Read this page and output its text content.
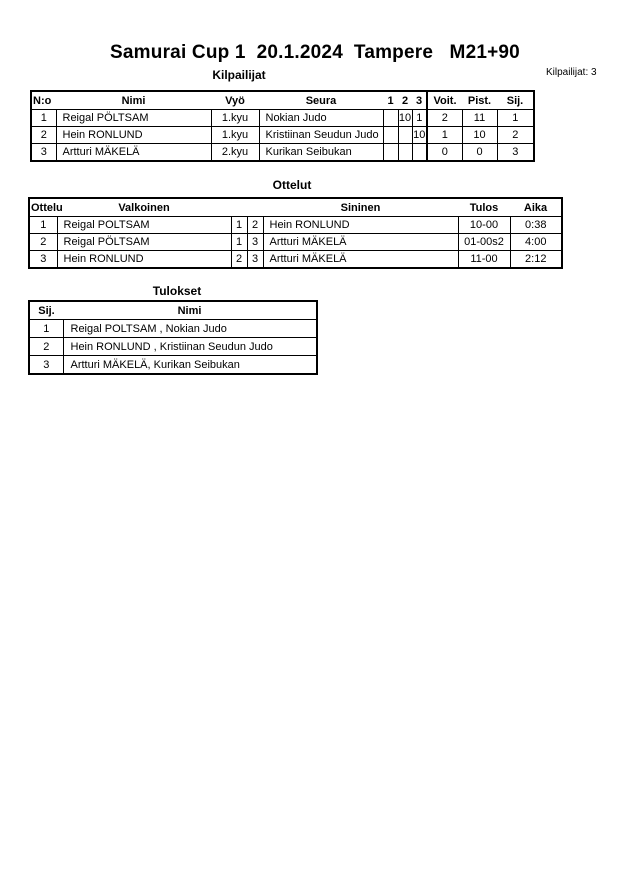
Samurai Cup 1  20.1.2024  Tampere   M21+90
Kilpailijat: 3
Kilpailijat
N:o	Nimi	Vyö	Seura	1	2	3	Voit.	Pist.	Sij.
1	Reigal PÖLTSAM	1.kyu	Nokian Judo		10	1	2	11	1
2	Hein RONLUND	1.kyu	Kristiinan Seudun Judo			10	1	10	2
3	Artturi MÄKELÄ	2.kyu	Kurikan Seibukan				0	0	3
Ottelut
Ottelu	Valkoinen			Sininen	Tulos	Aika
1	Reigal POLTSAM	1	2	Hein RONLUND	10-00	0:38
2	Reigal PÖLTSAM	1	3	Artturi MÄKELÄ	01-00s2	4:00
3	Hein RONLUND	2	3	Artturi MÄKELÄ	11-00	2:12
Tulokset
Sij.	Nimi
1	Reigal POLTSAM , Nokian Judo
2	Hein RONLUND , Kristiinan Seudun Judo
3	Artturi MÄKELÄ, Kurikan Seibukan
